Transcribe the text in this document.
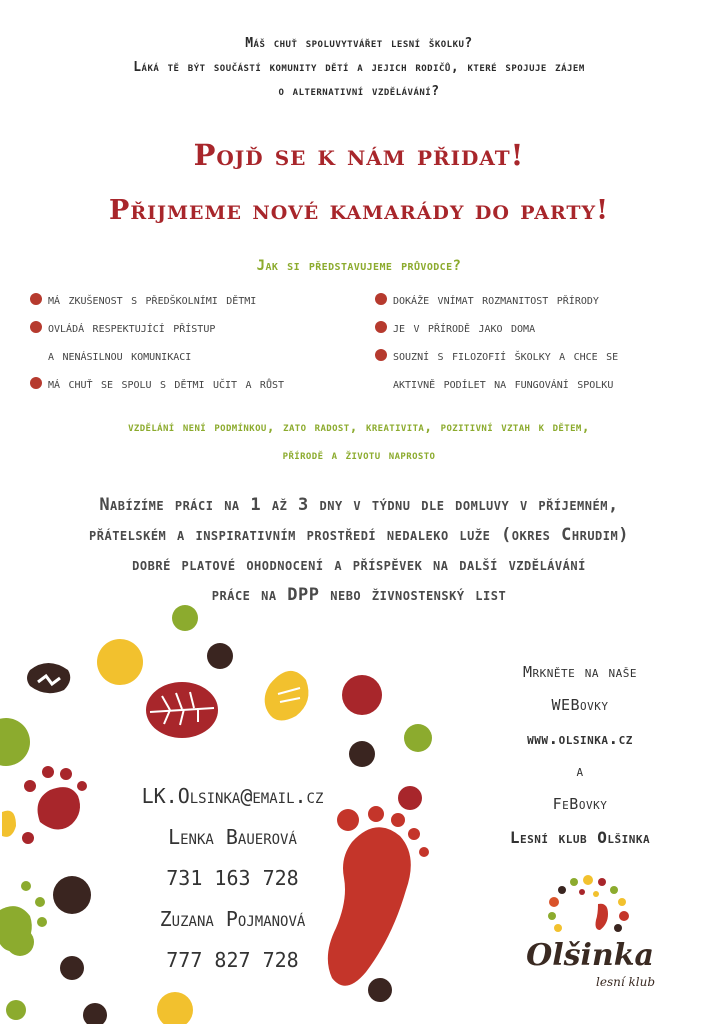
Máš chuť spoluvytvářet lesní školku?
Láká tě být součástí komunity dětí a jejich rodičů, které spojuje zájem
o alternativní vzdělávání?
Pojď se k nám přidat!
Přijmeme nové kamarády do party!
Jak si představujeme průvodce?
má zkušenost s předškolními dětmi
ovládá respektující přístup
a nenásilnou komunikaci
má chuť se spolu s dětmi učit a růst
dokáže vnímat rozmanitost přírody
je v přírodě jako doma
souzní s filozofií školky a chce se
aktivně podílet na fungování spolku
vzdělání není podmínkou, zato radost, kreativita, pozitivní vztah k dětem,
přírodě a životu naprosto
Nabízíme práci na 1 až 3 dny v týdnu dle domluvy v příjemném,
přátelském a inspirativním prostředí nedaleko luže (okres Chrudim)
dobré platové ohodnocení a příspěvek na další vzdělávání
práce na DPP nebo živnostenský list
LK.Olsinka@email.cz
Lenka Bauerová
731 163 728
Zuzana Pojmanová
777 827 728
Mrkněte na naše
WEBovky
www.olsinka.cz
a
FeBovky
Lesní klub Olšinka
Olšinka
lesní klub
